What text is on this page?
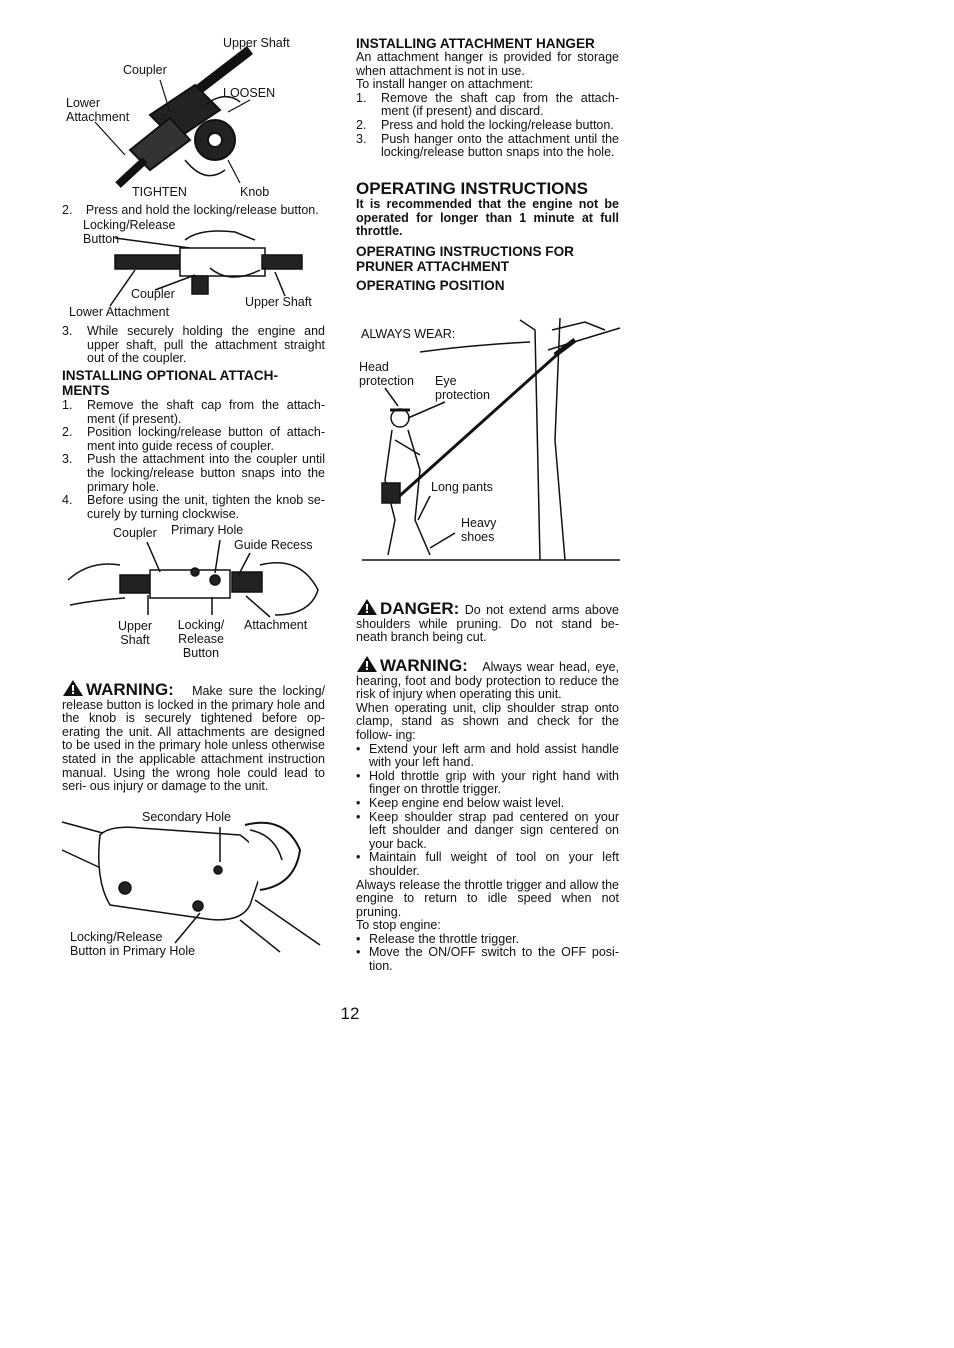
Upper Shaft
Coupler
LOOSEN
Lower
Attachment
TIGHTEN	Knob
2. Press and hold the locking/release button.
Locking/Release
Button
Coupler
Upper Shaft
Lower Attachment
3. While securely holding the engine and upper shaft, pull the attachment straight out of the coupler.

INSTALLING OPTIONAL ATTACH- MENTS

1. Remove the shaft cap from the attach- ment (if present).
2. Position locking/release button of attach- ment into guide recess of coupler.
3. Push the attachment into the coupler until the locking/release button snaps into the primary hole.
4. Before using the unit, tighten the knob se- curely by turning clockwise.
Coupler Primary Hole
Guide Recess
Upper
Shaft
Locking/
Release
Button
Attachment

WARNING: Make sure the locking/ release button is locked in the primary hole and the knob is securely tightened before op- erating the unit. All attachments are designed to be used in the primary hole unless otherwise stated in the applicable attachment instruction manual. Using the wrong hole could lead to seri- ous injury or damage to the unit.

Secondary Hole
Locking/Release
Button in Primary Hole

INSTALLING ATTACHMENT HANGER

An attachment hanger is provided for storage when attachment is not in use.

To install hanger on attachment:

1. Remove the shaft cap from the attach- ment (if present) and discard.
2. Press and hold the locking/release button.
3. Push hanger onto the attachment until the locking/release button snaps into the hole.

OPERATING INSTRUCTIONS

It is recommended that the engine not be operated for longer than 1 minute at full throttle.

OPERATING INSTRUCTIONS FOR PRUNER ATTACHMENT

OPERATING POSITION

ALWAYS WEAR:
Head
protection Eye
protection
Long pants
Heavy
shoes

DANGER: Do not extend arms above shoulders while pruning. Do not stand be- neath branch being cut.

WARNING: Always wear head, eye, hearing, foot and body protection to reduce the risk of injury when operating this unit.

When operating unit, clip shoulder strap onto clamp, stand as shown and check for the follow- ing:

• Extend your left arm and hold assist handle with your left hand.
• Hold throttle grip with your right hand with finger on throttle trigger.
• Keep engine end below waist level.
• Keep shoulder strap pad centered on your left shoulder and danger sign centered on your back.
• Maintain full weight of tool on your left shoulder.

Always release the throttle trigger and allow the engine to return to idle speed when not pruning.

To stop engine:

• Release the throttle trigger.
• Move the ON/OFF switch to the OFF posi- tion.
12
